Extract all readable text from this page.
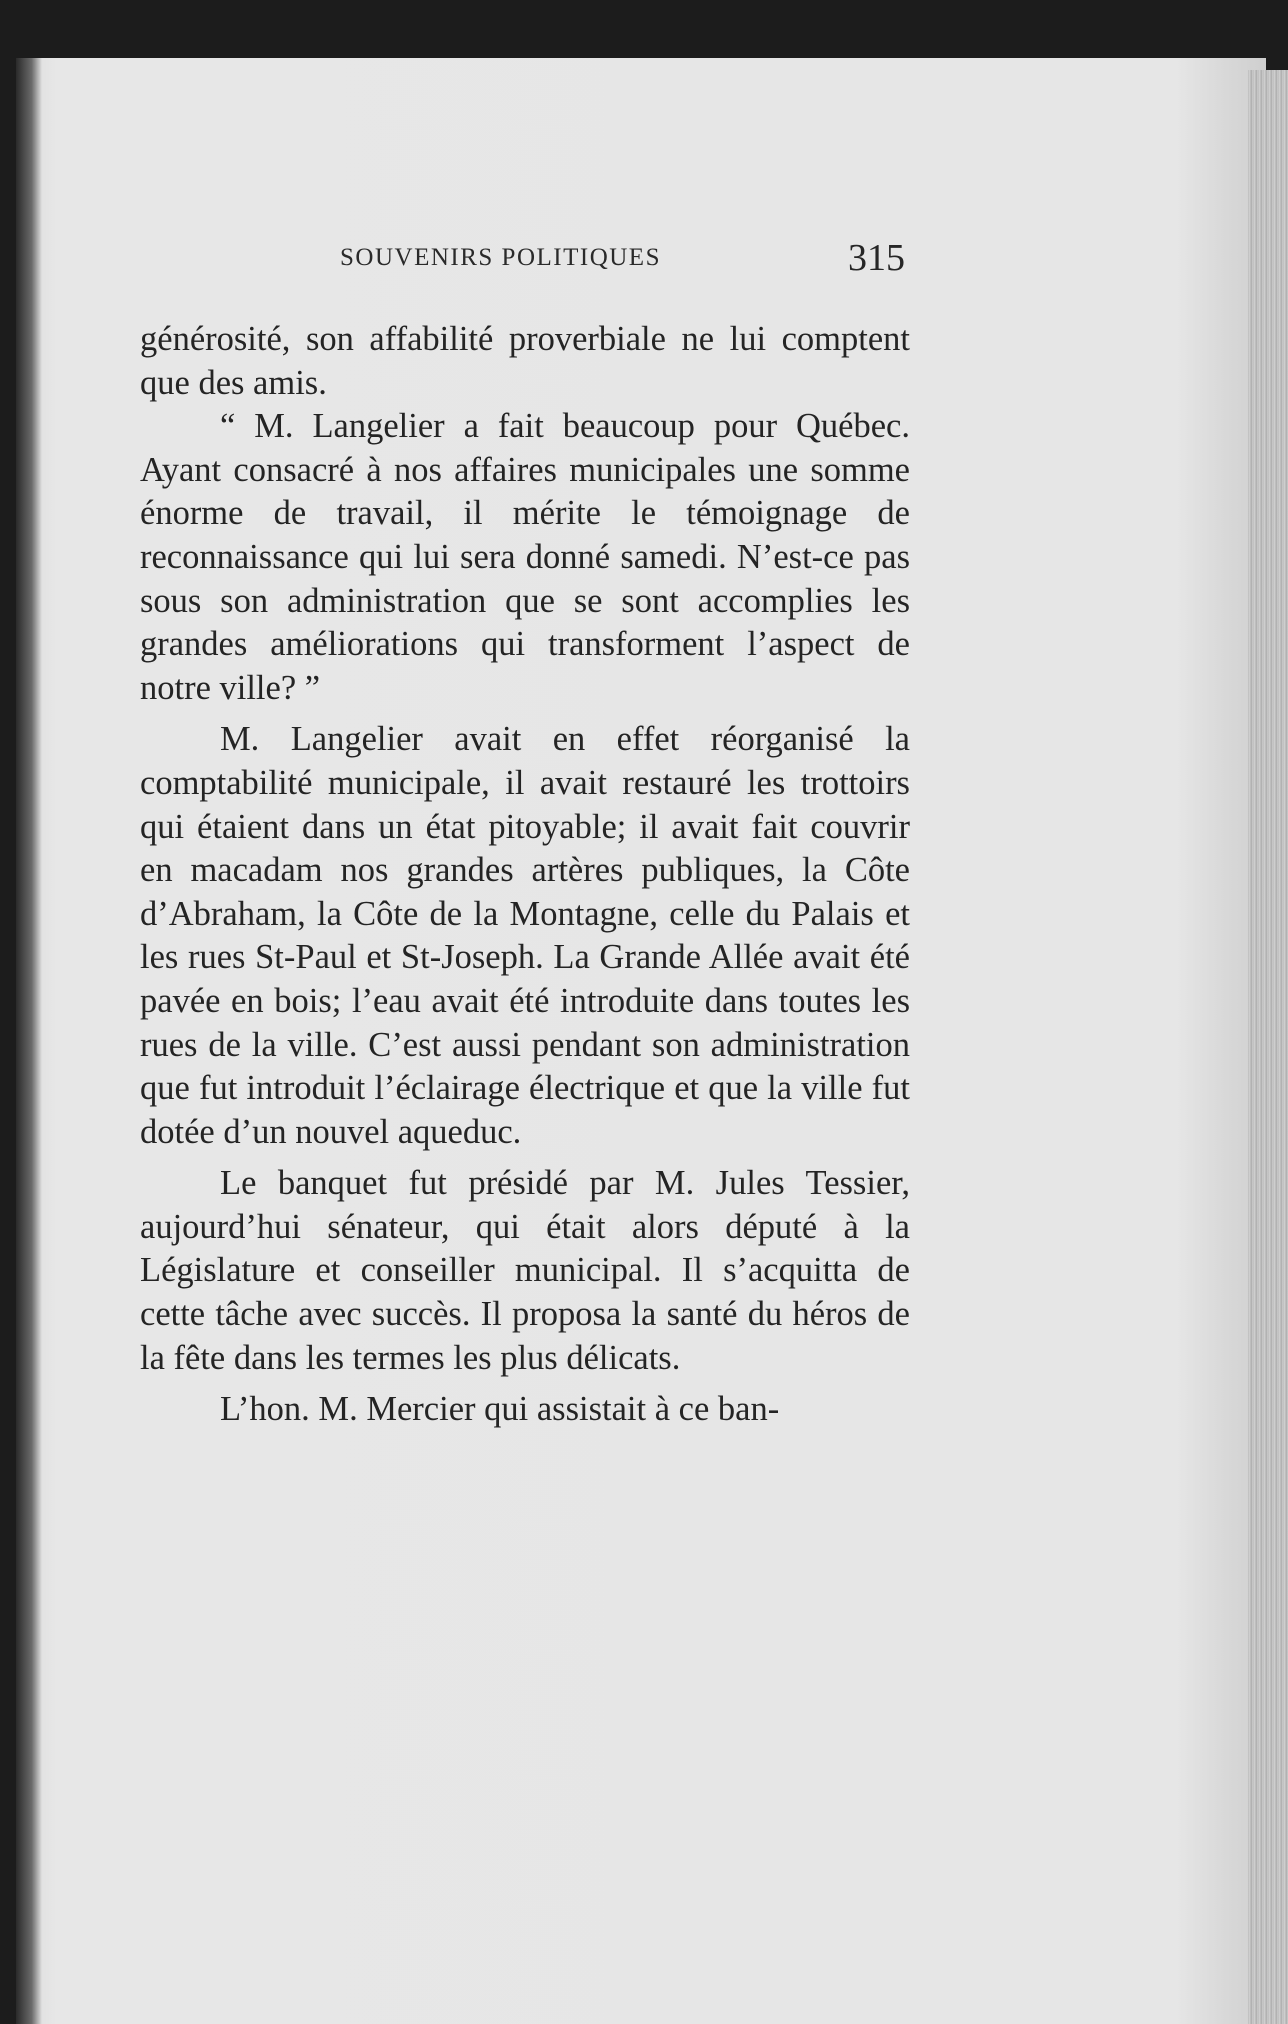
SOUVENIRS POLITIQUES	315

générosité, son affabilité proverbiale ne lui comptent que des amis.

“ M. Langelier a fait beaucoup pour Québec. Ayant consacré à nos affaires municipales une somme énorme de travail, il mérite le témoignage de reconnaissance qui lui sera donné samedi. N’est-ce pas sous son administration que se sont accomplies les grandes améliorations qui transforment l’aspect de notre ville? ”

M. Langelier avait en effet réorganisé la comptabilité municipale, il avait restauré les trottoirs qui étaient dans un état pitoyable; il avait fait couvrir en macadam nos grandes artères publiques, la Côte d’Abraham, la Côte de la Montagne, celle du Palais et les rues St-Paul et St-Joseph. La Grande Allée avait été pavée en bois; l’eau avait été introduite dans toutes les rues de la ville. C’est aussi pendant son administration que fut introduit l’éclairage électrique et que la ville fut dotée d’un nouvel aqueduc.

Le banquet fut présidé par M. Jules Tessier, aujourd’hui sénateur, qui était alors député à la Législature et conseiller municipal. Il s’acquitta de cette tâche avec succès. Il proposa la santé du héros de la fête dans les termes les plus délicats.

L’hon. M. Mercier qui assistait à ce ban-
